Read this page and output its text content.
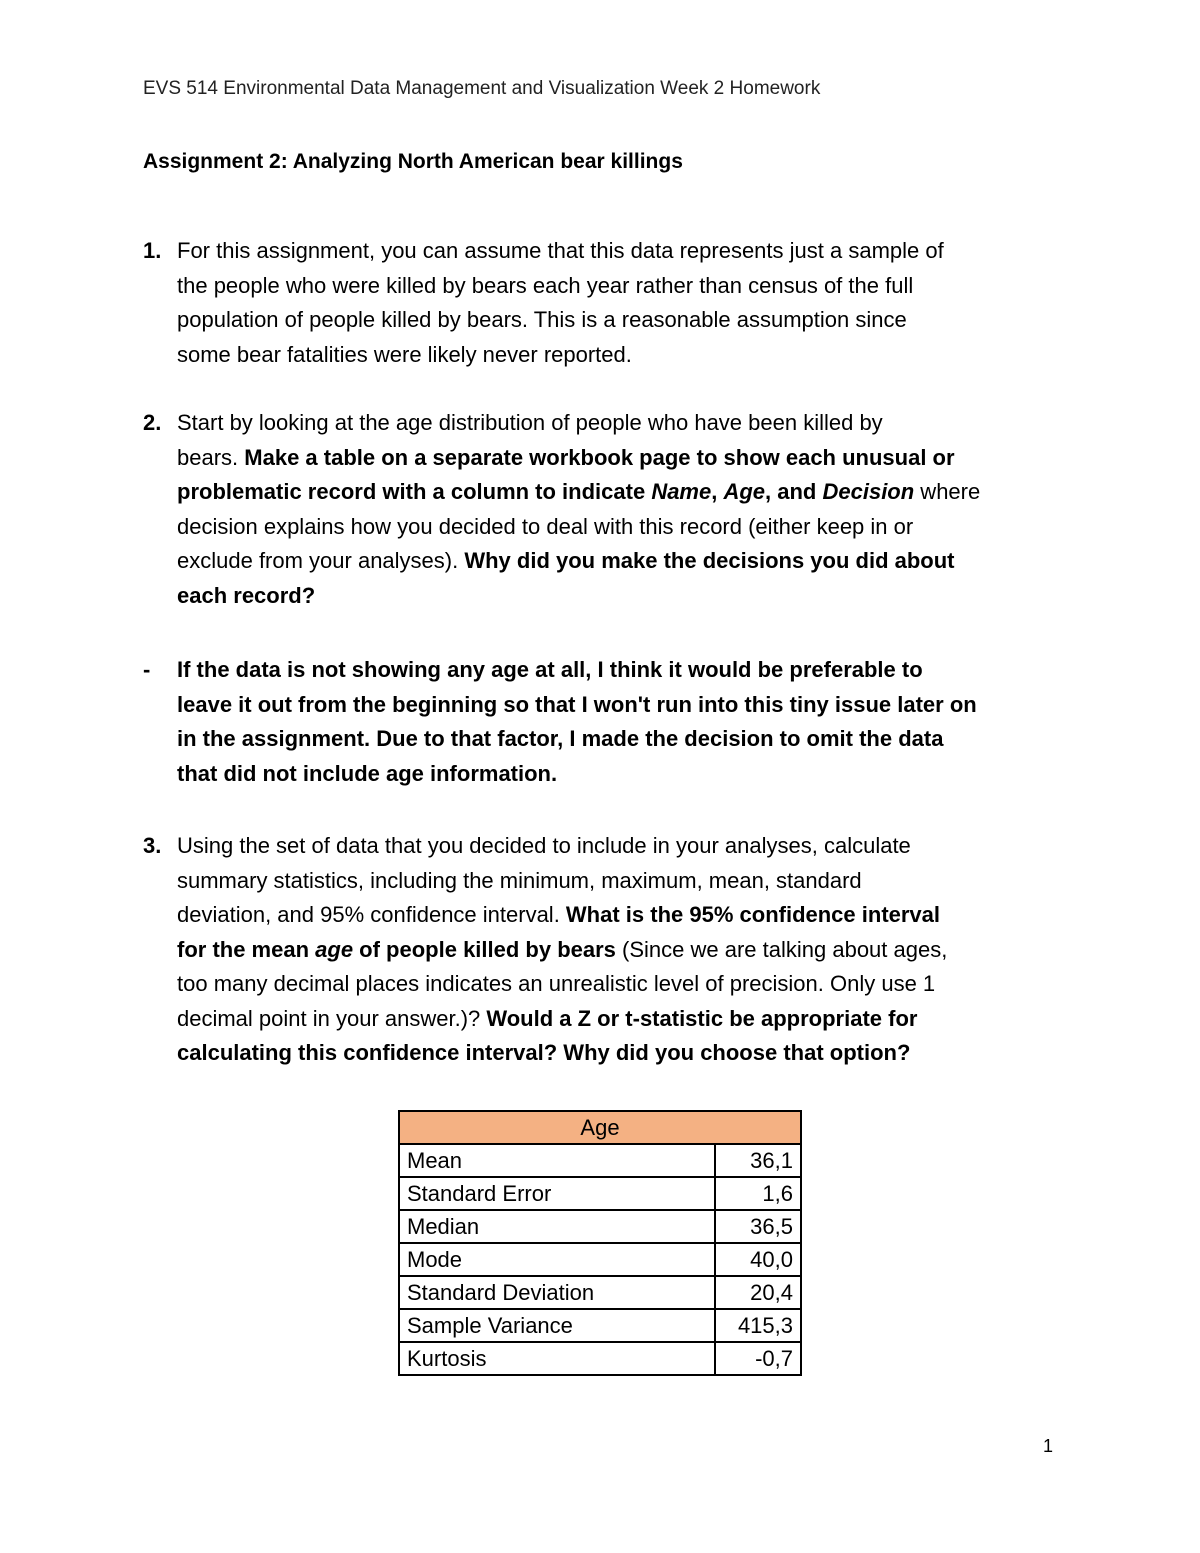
EVS 514 Environmental Data Management and Visualization Week 2 Homework
Assignment 2: Analyzing North American bear killings
1. For this assignment, you can assume that this data represents just a sample of
the people who were killed by bears each year rather than census of the full
population of people killed by bears. This is a reasonable assumption since
some bear fatalities were likely never reported.
2. Start by looking at the age distribution of people who have been killed by
bears. Make a table on a separate workbook page to show each unusual or
problematic record with a column to indicate Name, Age, and Decision where
decision explains how you decided to deal with this record (either keep in or
exclude from your analyses). Why did you make the decisions you did about
each record?
-	If the data is not showing any age at all, I think it would be preferable to
leave it out from the beginning so that I won't run into this tiny issue later on
in the assignment. Due to that factor, I made the decision to omit the data
that did not include age information.
3. Using the set of data that you decided to include in your analyses, calculate
summary statistics, including the minimum, maximum, mean, standard
deviation, and 95% confidence interval. What is the 95% confidence interval
for the mean age of people killed by bears (Since we are talking about ages,
too many decimal places indicates an unrealistic level of precision. Only use 1
decimal point in your answer.)? Would a Z or t-statistic be appropriate for
calculating this confidence interval? Why did you choose that option?
Age	
Mean	36,1
Standard Error	1,6
Median	36,5
Mode	40,0
Standard Deviation	20,4
Sample Variance	415,3
Kurtosis	-0,7
1
